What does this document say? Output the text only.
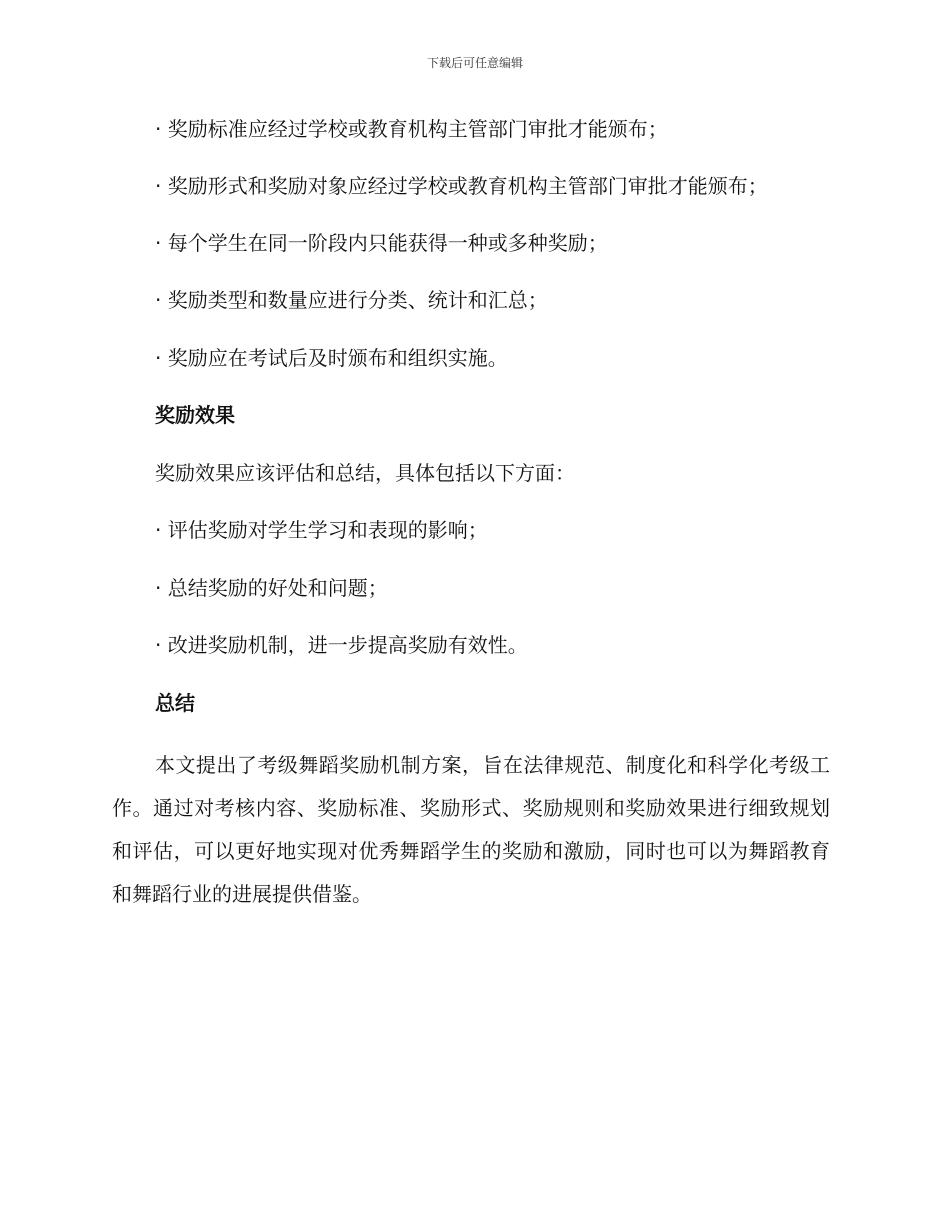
下载后可任意编辑
· 奖励标准应经过学校或教育机构主管部门审批才能颁布；
· 奖励形式和奖励对象应经过学校或教育机构主管部门审批才能颁布；
· 每个学生在同一阶段内只能获得一种或多种奖励；
· 奖励类型和数量应进行分类、统计和汇总；
· 奖励应在考试后及时颁布和组织实施。
奖励效果
奖励效果应该评估和总结，具体包括以下方面：
· 评估奖励对学生学习和表现的影响；
· 总结奖励的好处和问题；
· 改进奖励机制，进一步提高奖励有效性。
总结

本文提出了考级舞蹈奖励机制方案，旨在法律规范、制度化和科学化考级工作。通过对考核内容、奖励标准、奖励形式、奖励规则和奖励效果进行细致规划和评估，可以更好地实现对优秀舞蹈学生的奖励和激励，同时也可以为舞蹈教育和舞蹈行业的进展提供借鉴。
